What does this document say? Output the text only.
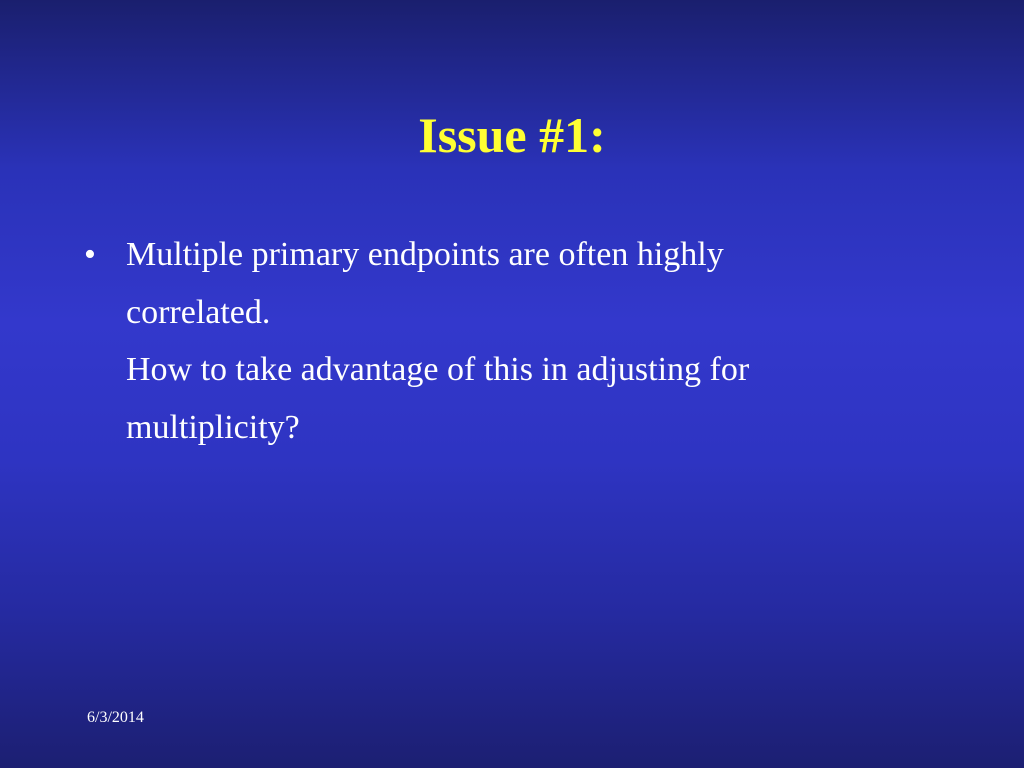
Issue #1:
• Multiple primary endpoints are often highly
correlated.
How to take advantage of this in adjusting for
multiplicity?
6/3/2014
